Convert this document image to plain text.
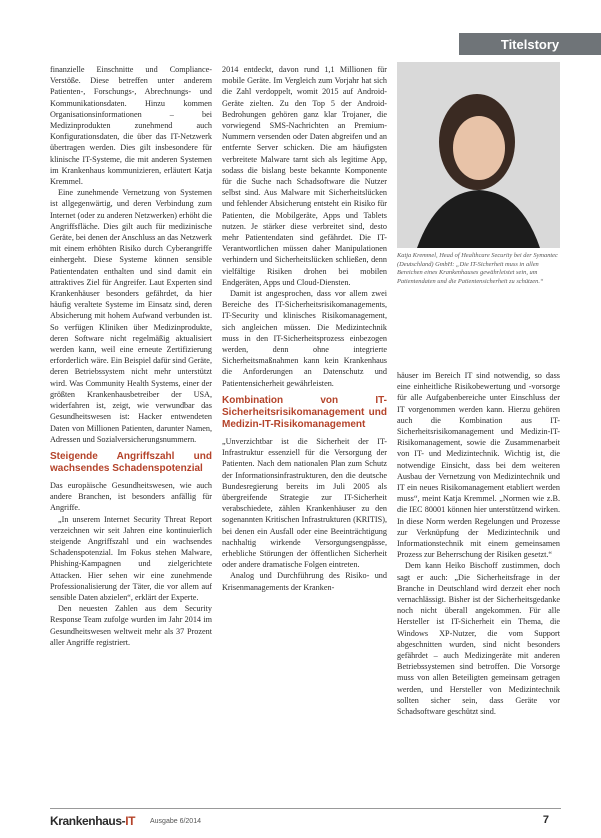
Titelstory

finanzielle Einschnitte und Compliance-Verstöße. Diese betreffen unter anderem Patienten-, Forschungs-, Abrechnungs- und Kommunikationsdaten. Hinzu kommen Organisationsinformationen – bei Medizinprodukten zunehmend auch Konfigurationsdaten, die über das IT-Netzwerk übertragen werden. Dies gilt insbesondere für klinische IT-Systeme, die mit anderen Systemen im Krankenhaus kommunizieren, erläutert Katja Kremmel.

Eine zunehmende Vernetzung von Systemen ist allgegenwärtig, und deren Verbindung zum Internet (oder zu anderen Netzwerken) erhöht die Angriffsfläche. Dies gilt auch für medizinische Geräte, bei denen der Anschluss an das Netzwerk mit einem erhöhten Risiko durch Cyberangriffe einhergeht. Diese Systeme können sensible Patientendaten enthalten und sind damit ein attraktives Ziel für Angreifer. Laut Experten sind Krankenhäuser besonders gefährdet, da hier häufig veraltete Systeme im Einsatz sind, deren Absicherung mit hohem Aufwand verbunden ist. So verfügen Kliniken über Medizinprodukte, deren Software nicht regelmäßig aktualisiert werden kann, weil eine erneute Zertifizierung erforderlich wäre. Ein Beispiel dafür sind Geräte, deren Betriebssystem nicht mehr unterstützt wird. Was Community Health Systems, einer der größten Krankenhausbetreiber der USA, widerfahren ist, zeigt, wie verwundbar das Gesundheitswesen ist: Hacker entwendeten Daten von Millionen Patienten, darunter Namen, Adressen und Sozialversicherungsnummern.

Steigende Angriffszahl und wachsendes Schadenspotenzial

Das europäische Gesundheitswesen, wie auch andere Branchen, ist besonders anfällig für Angriffe.

„In unserem Internet Security Threat Report verzeichnen wir seit Jahren eine kontinuierlich steigende Angriffszahl und ein wachsendes Schadenspotenzial. Im Fokus stehen Malware, Phishing-Kampagnen und zielgerichtete Attacken. Hier sehen wir eine zunehmende Professionalisierung der Täter, die vor allem auf sensible Daten abzielen“, erklärt der Experte.

Den neuesten Zahlen aus dem Security Response Team zufolge wurden im Jahr 2014 im Gesundheitswesen weltweit mehr als 37 Prozent aller Angriffe registriert.

2014 entdeckt, davon rund 1,1 Millionen für mobile Geräte. Im Vergleich zum Vorjahr hat sich die Zahl verdoppelt, womit 2015 auf Android-Geräte zielten. Zu den Top 5 der Android-Bedrohungen gehören ganz klar Trojaner, die vorwiegend SMS-Nachrichten an Premium-Nummern versenden oder Daten abgreifen und an entfernte Server schicken. Die am häufigsten verbreitete Malware tarnt sich als legitime App, sodass die bislang beste bekannte Komponente für die Suche nach Schadsoftware die Nutzer selbst sind. Aus Malware mit Sicherheitslücken und fehlender Absicherung entsteht ein Risiko für Patienten, die Mobilgeräte, Apps und Tablets nutzen. Je stärker diese verbreitet sind, desto mehr Patientendaten sind gefährdet. Die IT-Verantwortlichen müssen daher Manipulationen verhindern und Sicherheitslücken schließen, denn vielfältige Risiken drohen bei mobilen Endgeräten, Apps und Cloud-Diensten.

Damit ist angesprochen, dass vor allem zwei Bereiche des IT-Sicherheitsrisikomanagements, IT-Security und klinisches Risikomanagement, sich angleichen müssen. Die Medizintechnik muss in den IT-Sicherheitsprozess einbezogen werden, denn ohne integrierte Sicherheitsmaßnahmen kann kein Krankenhaus die Anforderungen an Datenschutz und Patientensicherheit gewährleisten.

Kombination von IT-Sicherheitsrisikomanagement und Medizin-IT-Risikomanagement

„Unverzichtbar ist die Sicherheit der IT-Infrastruktur essenziell für die Versorgung der Patienten. Nach dem nationalen Plan zum Schutz der Informationsinfrastrukturen, den die deutsche Bundesregierung bereits im Juli 2005 als übergreifende Strategie zur IT-Sicherheit verabschiedete, zählen Krankenhäuser zu den sogenannten Kritischen Infrastrukturen (KRITIS), bei denen ein Ausfall oder eine Beeinträchtigung nachhaltig wirkende Versorgungsengpässe, erhebliche Störungen der öffentlichen Sicherheit oder andere dramatische Folgen eintreten.

Analog und Durchführung des Risiko- und Krisenmanagements der Kranken-

Katja Kremmel, Head of Healthcare Security bei der Symantec (Deutschland) GmbH: „Die IT-Sicherheit muss in allen Bereichen eines Krankenhauses gewährleistet sein, um Patientendaten und die Patientensicherheit zu schützen.“

häuser im Bereich IT sind notwendig, so dass eine einheitliche Risikobewertung und -vorsorge für alle Aufgabenbereiche unter Einschluss der IT vorgenommen werden kann. Hierzu gehören auch die Kombination aus IT-Sicherheitsrisikomanagement und Medizin-IT-Risikomanagement, sowie die Zusammenarbeit von IT- und Medizintechnik. Wichtig ist, die notwendige Einsicht, dass bei dem weiteren Ausbau der Vernetzung von Medizintechnik und IT ein neues Risikomanagement etabliert werden muss“, meint Katja Kremmel. „Normen wie z.B. die IEC 80001 können hier unterstützend wirken. In diese Norm werden Regelungen und Prozesse zur Verknüpfung der Medizintechnik und Informationstechnik mit einem gemeinsamen Prozess zur Beherrschung der Risiken gesetzt.“

Dem kann Heiko Bischoff zustimmen, doch sagt er auch: „Die Sicherheitsfrage in der Branche in Deutschland wird derzeit eher noch vernachlässigt. Bisher ist der Sicherheitsgedanke noch nicht überall angekommen. Für alle Hersteller ist IT-Sicherheit ein Thema, die Windows XP-Nutzer, die vom Support abgeschnitten wurden, sind nicht besonders gefährdet – auch Medizingeräte mit anderen Betriebssystemen sind betroffen. Die Vorsorge muss von allen Beteiligten gemeinsam getragen werden, und Hersteller von Medizintechnik sollten sicher sein, dass Geräte vor Schadsoftware geschützt sind.

Krankenhaus-IT Ausgabe 6/2014	7
